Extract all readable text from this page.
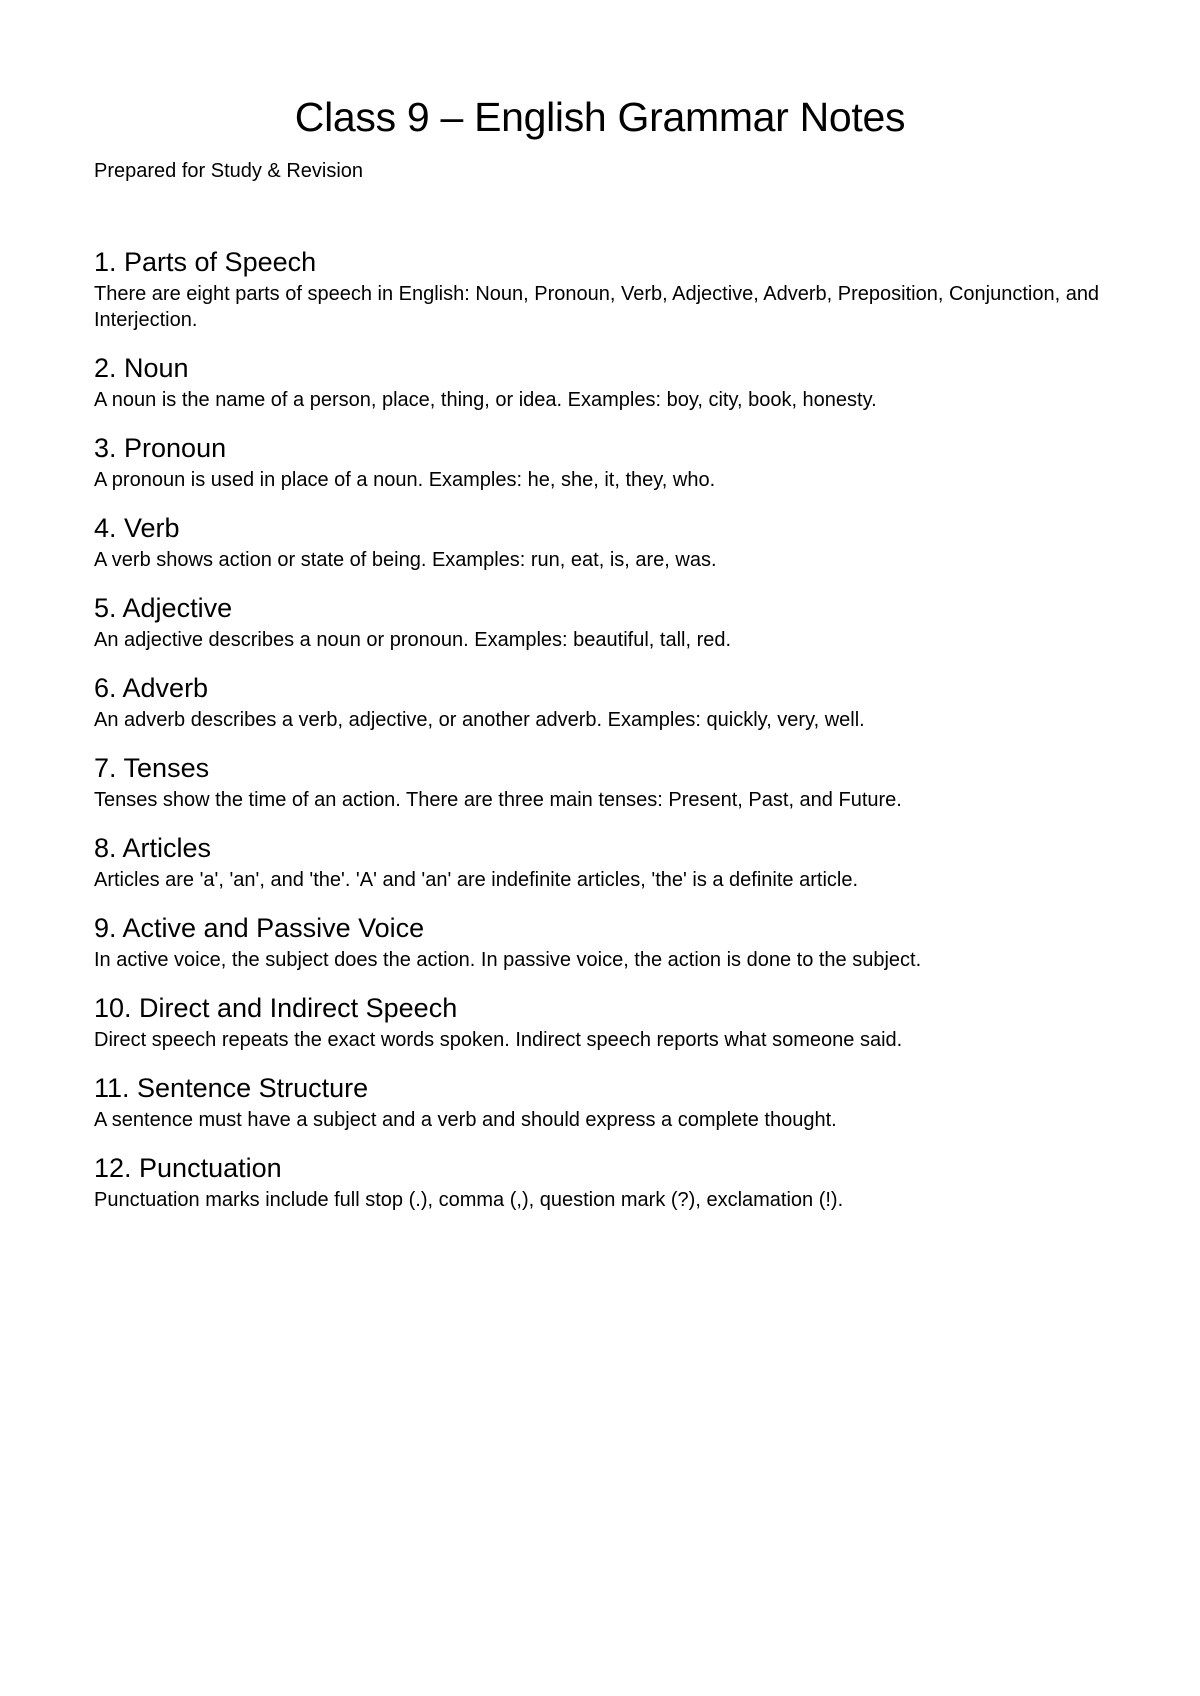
Class 9 – English Grammar Notes

Prepared for Study & Revision

1. Parts of Speech

There are eight parts of speech in English: Noun, Pronoun, Verb, Adjective, Adverb, Preposition, Conjunction, and Interjection.

2. Noun

A noun is the name of a person, place, thing, or idea. Examples: boy, city, book, honesty.

3. Pronoun

A pronoun is used in place of a noun. Examples: he, she, it, they, who.

4. Verb

A verb shows action or state of being. Examples: run, eat, is, are, was.

5. Adjective

An adjective describes a noun or pronoun. Examples: beautiful, tall, red.

6. Adverb

An adverb describes a verb, adjective, or another adverb. Examples: quickly, very, well.

7. Tenses

Tenses show the time of an action. There are three main tenses: Present, Past, and Future.

8. Articles

Articles are 'a', 'an', and 'the'. 'A' and 'an' are indefinite articles, 'the' is a definite article.

9. Active and Passive Voice

In active voice, the subject does the action. In passive voice, the action is done to the subject.

10. Direct and Indirect Speech

Direct speech repeats the exact words spoken. Indirect speech reports what someone said.

11. Sentence Structure

A sentence must have a subject and a verb and should express a complete thought.

12. Punctuation

Punctuation marks include full stop (.), comma (,), question mark (?), exclamation (!).
